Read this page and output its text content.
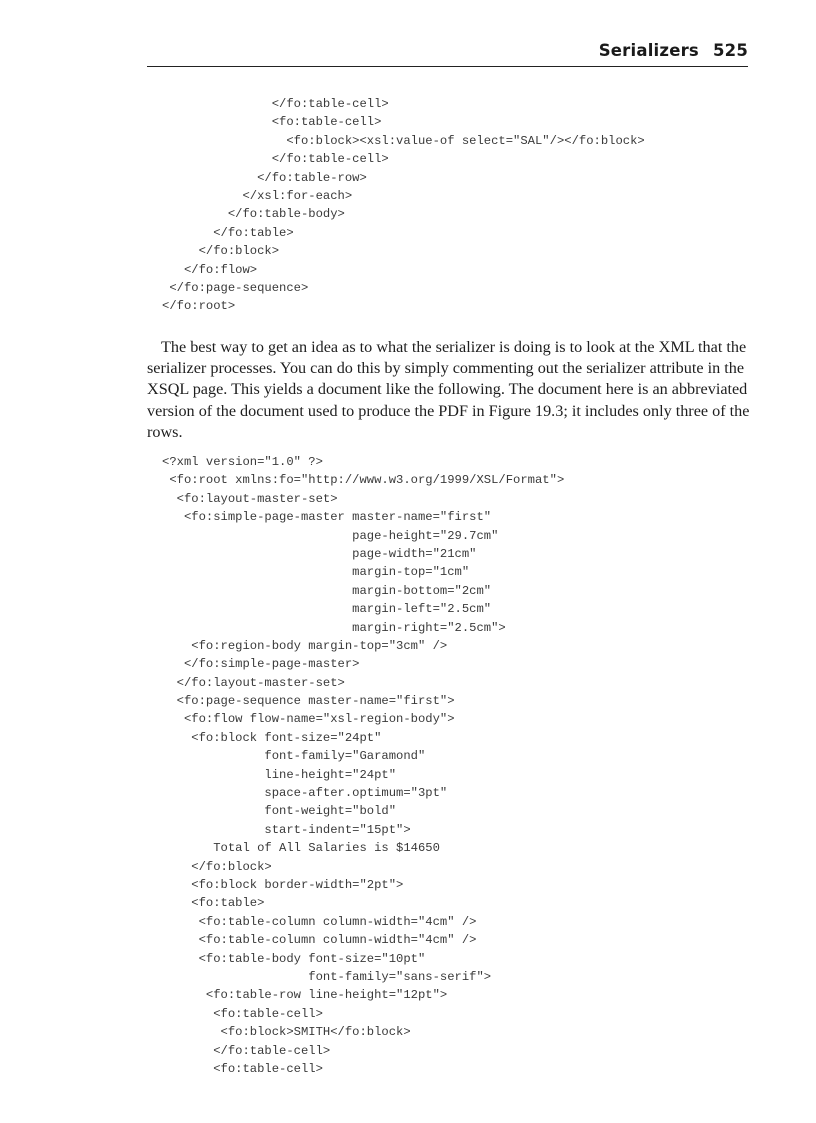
Serializers 525
</fo:table-cell>
<fo:table-cell>
<fo:block><xsl:value-of select="SAL"/></fo:block>
</fo:table-cell>
</fo:table-row>
</xsl:for-each>
</fo:table-body>
</fo:table>
</fo:block>
</fo:flow>
</fo:page-sequence>
</fo:root>

The best way to get an idea as to what the serializer is doing is to look at the XML that the serializer processes. You can do this by simply commenting out the serializer attribute in the XSQL page. This yields a document like the following. The document here is an abbreviated version of the document used to produce the PDF in Figure 19.3; it includes only three of the rows.

<?xml version="1.0" ?>
<fo:root xmlns:fo="http://www.w3.org/1999/XSL/Format">
<fo:layout-master-set>
<fo:simple-page-master master-name="first"
page-height="29.7cm"
page-width="21cm"
margin-top="1cm"
margin-bottom="2cm"
margin-left="2.5cm"
margin-right="2.5cm">
<fo:region-body margin-top="3cm" />
</fo:simple-page-master>
</fo:layout-master-set>
<fo:page-sequence master-name="first">
<fo:flow flow-name="xsl-region-body">
<fo:block font-size="24pt"
font-family="Garamond"
line-height="24pt"
space-after.optimum="3pt"
font-weight="bold"
start-indent="15pt">
Total of All Salaries is $14650
</fo:block>
<fo:block border-width="2pt">
<fo:table>
<fo:table-column column-width="4cm" />
<fo:table-column column-width="4cm" />
<fo:table-body font-size="10pt"
font-family="sans-serif">
<fo:table-row line-height="12pt">
<fo:table-cell>
<fo:block>SMITH</fo:block>
</fo:table-cell>
<fo:table-cell>
